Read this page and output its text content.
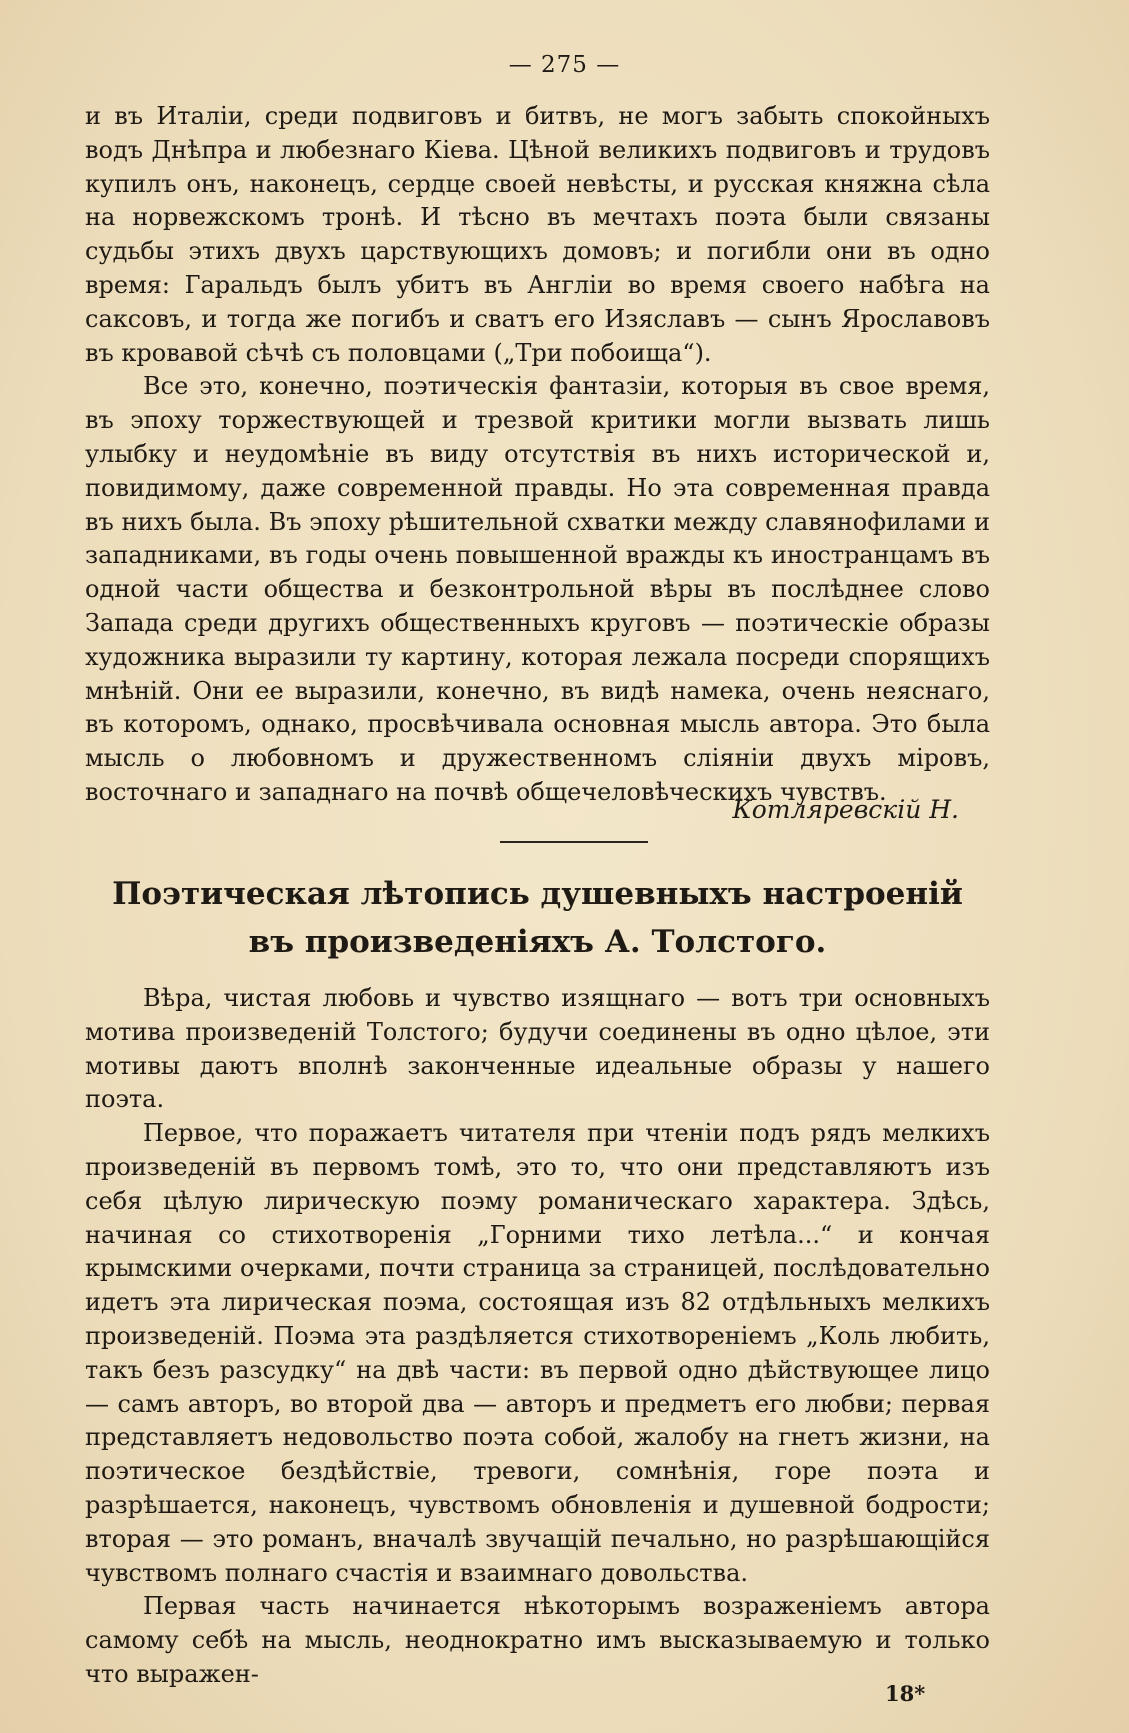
— 275 —

и въ Италіи, среди подвиговъ и битвъ, не могъ забыть спокойныхъ водъ Днѣпра и любезнаго Кіева. Цѣной великихъ подвиговъ и трудовъ купилъ онъ, наконецъ, сердце своей невѣсты, и русская княжна сѣла на норвежскомъ тронѣ. И тѣсно въ мечтахъ поэта были связаны судьбы этихъ двухъ царствующихъ домовъ; и погибли они въ одно время: Гаральдъ былъ убитъ въ Англіи во время своего набѣга на саксовъ, и тогда же погибъ и сватъ его Изяславъ — сынъ Ярославовъ въ кровавой сѣчѣ съ половцами („Три побоища“).

Все это, конечно, поэтическія фантазіи, которыя въ свое время, въ эпоху торжествующей и трезвой критики могли вызвать лишь улыбку и неудомѣніе въ виду отсутствія въ нихъ исторической и, повидимому, даже современной правды. Но эта современная правда въ нихъ была. Въ эпоху рѣшительной схватки между славянофилами и западниками, въ годы очень повышенной вражды къ иностранцамъ въ одной части общества и безконтрольной вѣры въ послѣднее слово Запада среди другихъ общественныхъ круговъ — поэтическіе образы художника выразили ту картину, которая лежала посреди спорящихъ мнѣній. Они ее выразили, конечно, въ видѣ намека, очень неяснаго, въ которомъ, однако, просвѣчивала основная мысль автора. Это была мысль о любовномъ и дружественномъ сліяніи двухъ міровъ, восточнаго и западнаго на почвѣ общечеловѣческихъ чувствъ.

Котляревскій Н.
Поэтическая лѣтопись душевныхъ настроеній въ произведеніяхъ А. Толстого.

Вѣра, чистая любовь и чувство изящнаго — вотъ три основныхъ мотива произведеній Толстого; будучи соединены въ одно цѣлое, эти мотивы даютъ вполнѣ законченные идеальные образы у нашего поэта.

Первое, что поражаетъ читателя при чтеніи подъ рядъ мелкихъ произведеній въ первомъ томѣ, это то, что они представляютъ изъ себя цѣлую лирическую поэму романическаго характера. Здѣсь, начиная со стихотворенія „Горними тихо летѣла...“ и кончая крымскими очерками, почти страница за страницей, послѣдовательно идетъ эта лирическая поэма, состоящая изъ 82 отдѣльныхъ мелкихъ произведеній. Поэма эта раздѣляется стихотвореніемъ „Коль любить, такъ безъ разсудку“ на двѣ части: въ первой одно дѣйствующее лицо — самъ авторъ, во второй два — авторъ и предметъ его любви; первая представляетъ недовольство поэта собой, жалобу на гнетъ жизни, на поэтическое бездѣйствіе, тревоги, сомнѣнія, горе поэта и разрѣшается, наконецъ, чувствомъ обновленія и душевной бодрости; вторая — это романъ, вначалѣ звучащій печально, но разрѣшающійся чувствомъ полнаго счастія и взаимнаго довольства.

Первая часть начинается нѣкоторымъ возраженіемъ автора самому себѣ на мысль, неоднократно имъ высказываемую и только что выражен-

18*
